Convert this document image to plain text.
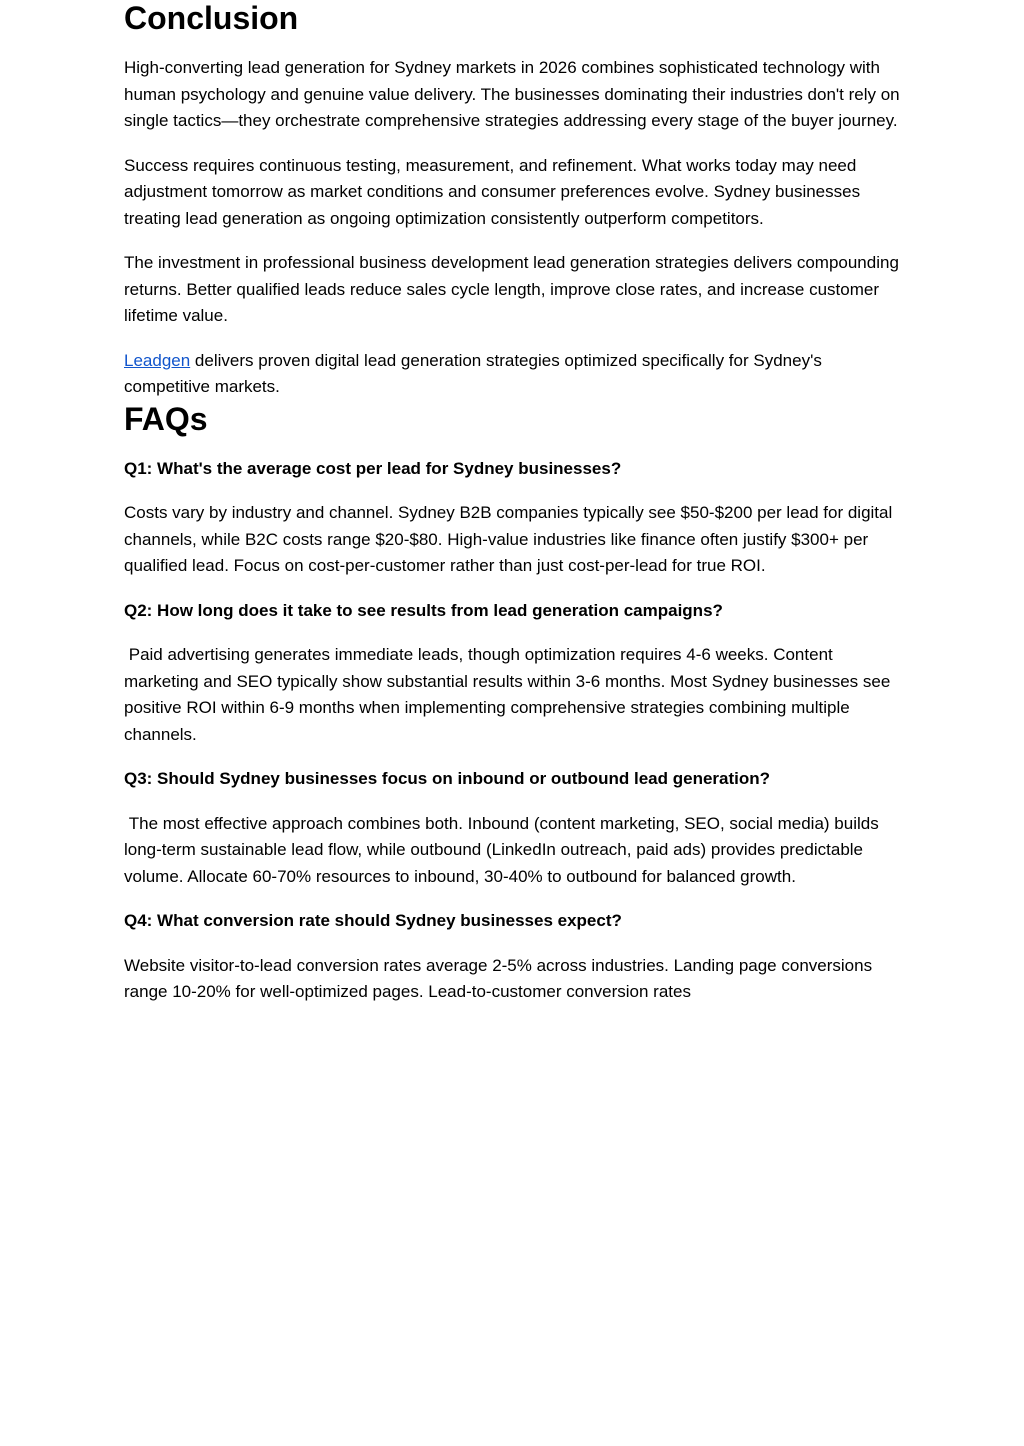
Conclusion

High-converting lead generation for Sydney markets in 2026 combines sophisticated technology with human psychology and genuine value delivery. The businesses dominating their industries don't rely on single tactics—they orchestrate comprehensive strategies addressing every stage of the buyer journey.

Success requires continuous testing, measurement, and refinement. What works today may need adjustment tomorrow as market conditions and consumer preferences evolve. Sydney businesses treating lead generation as ongoing optimization consistently outperform competitors.

The investment in professional business development lead generation strategies delivers compounding returns. Better qualified leads reduce sales cycle length, improve close rates, and increase customer lifetime value.

Leadgen delivers proven digital lead generation strategies optimized specifically for Sydney's competitive markets.

FAQs

Q1: What's the average cost per lead for Sydney businesses?

Costs vary by industry and channel. Sydney B2B companies typically see $50-$200 per lead for digital channels, while B2C costs range $20-$80. High-value industries like finance often justify $300+ per qualified lead. Focus on cost-per-customer rather than just cost-per-lead for true ROI.

Q2: How long does it take to see results from lead generation campaigns?

Paid advertising generates immediate leads, though optimization requires 4-6 weeks. Content marketing and SEO typically show substantial results within 3-6 months. Most Sydney businesses see positive ROI within 6-9 months when implementing comprehensive strategies combining multiple channels.

Q3: Should Sydney businesses focus on inbound or outbound lead generation?

The most effective approach combines both. Inbound (content marketing, SEO, social media) builds long-term sustainable lead flow, while outbound (LinkedIn outreach, paid ads) provides predictable volume. Allocate 60-70% resources to inbound, 30-40% to outbound for balanced growth.

Q4: What conversion rate should Sydney businesses expect?

Website visitor-to-lead conversion rates average 2-5% across industries. Landing page conversions range 10-20% for well-optimized pages. Lead-to-customer conversion rates
